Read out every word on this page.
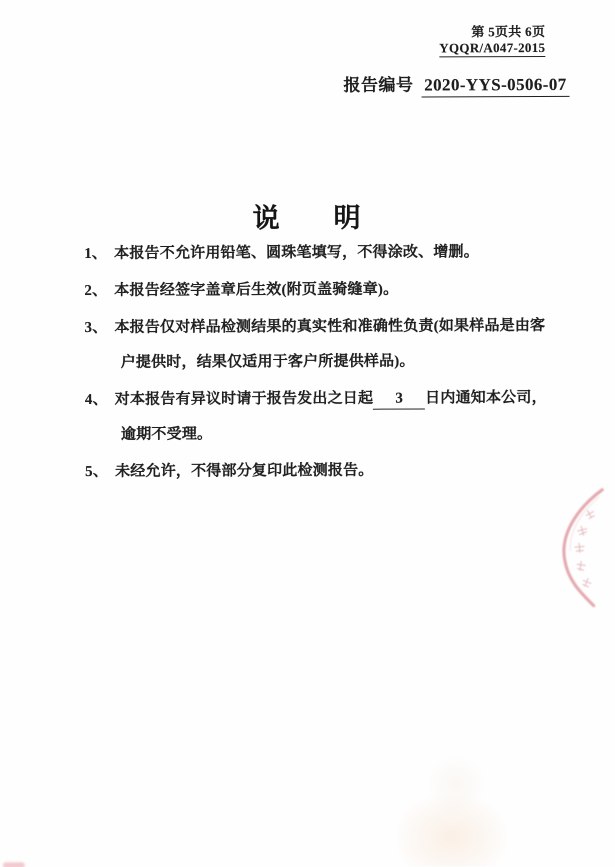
第 5页共 6页
YQQR/A047-2015
报告编号 2020-YYS-0506-07
说　　明
1、 本报告不允许用铅笔、圆珠笔填写，不得涂改、增删。
2、 本报告经签字盖章后生效(附页盖骑缝章)。
3、 本报告仅对样品检测结果的真实性和准确性负责(如果样品是由客户提供时，结果仅适用于客户所提供样品)。
4、 对本报告有异议时请于报告发出之日起 3 日内通知本公司，逾期不受理。
5、 未经允许，不得部分复印此检测报告。
